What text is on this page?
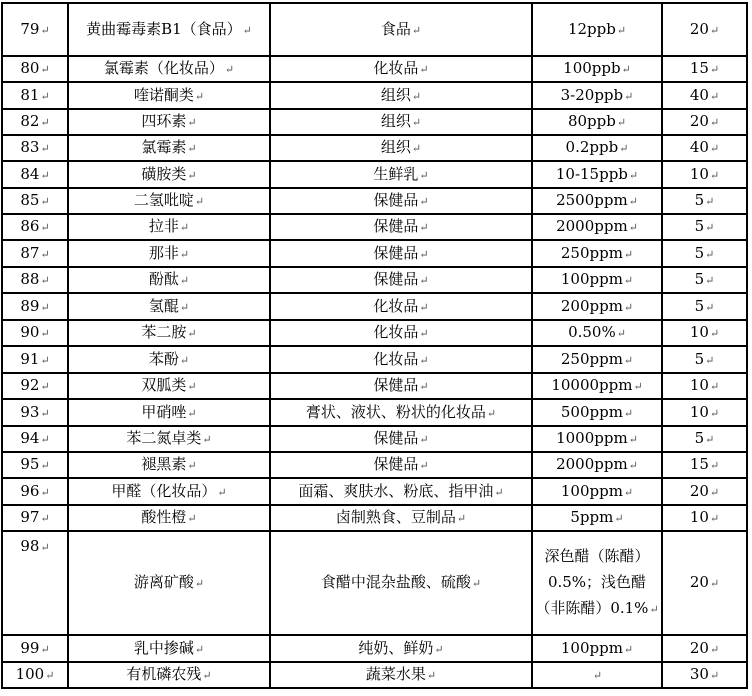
79↵	黄曲霉毒素B1（食品）↵	食品↵	12ppb↵	20↵
80↵	氯霉素（化妆品）↵	化妆品↵	100ppb↵	15↵
81↵	喹诺酮类↵	组织↵	3-20ppb↵	40↵
82↵	四环素↵	组织↵	80ppb↵	20↵
83↵	氯霉素↵	组织↵	0.2ppb↵	40↵
84↵	磺胺类↵	生鲜乳↵	10-15ppb↵	10↵
85↵	二氢吡啶↵	保健品↵	2500ppm↵	5↵
86↵	拉非↵	保健品↵	2000ppm↵	5↵
87↵	那非↵	保健品↵	250ppm↵	5↵
88↵	酚酞↵	保健品↵	100ppm↵	5↵
89↵	氢醌↵	化妆品↵	200ppm↵	5↵
90↵	苯二胺↵	化妆品↵	0.50%↵	10↵
91↵	苯酚↵	化妆品↵	250ppm↵	5↵
92↵	双胍类↵	保健品↵	10000ppm↵	10↵
93↵	甲硝唑↵	膏状、液状、粉状的化妆品↵	500ppm↵	10↵
94↵	苯二氮卓类↵	保健品↵	1000ppm↵	5↵
95↵	褪黑素↵	保健品↵	2000ppm↵	15↵
96↵	甲醛（化妆品）↵	面霜、爽肤水、粉底、指甲油↵	100ppm↵	20↵
97↵	酸性橙↵	卤制熟食、豆制品↵	5ppm↵	10↵
98↵	游离矿酸↵	食醋中混杂盐酸、硫酸↵	深色醋（陈醋）0.5%；浅色醋（非陈醋）0.1%↵	20↵
99↵	乳中掺碱↵	纯奶、鲜奶↵	100ppm↵	20↵
100↵	有机磷农残↵	蔬菜水果↵	↵	30↵
